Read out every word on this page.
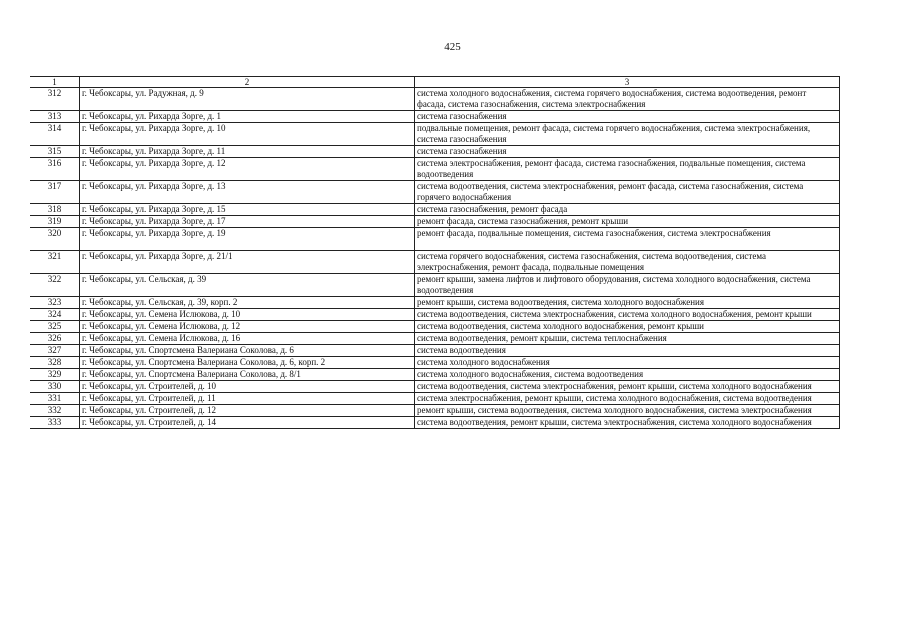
425
1	2	3
312	г. Чебоксары, ул. Радужная, д. 9	система холодного водоснабжения, система горячего водоснабжения, система водоотведения, ремонт фасада, система газоснабжения, система электроснабжения
313	г. Чебоксары, ул. Рихарда Зорге, д. 1	система газоснабжения
314	г. Чебоксары, ул. Рихарда Зорге, д. 10	подвальные помещения, ремонт фасада, система горячего водоснабжения, система электроснабжения, система газоснабжения
315	г. Чебоксары, ул. Рихарда Зорге, д. 11	система газоснабжения
316	г. Чебоксары, ул. Рихарда Зорге, д. 12	система электроснабжения, ремонт фасада, система газоснабжения, подвальные помещения, система водоотведения
317	г. Чебоксары, ул. Рихарда Зорге, д. 13	система водоотведения, система электроснабжения, ремонт фасада, система газоснабжения, система горячего водоснабжения
318	г. Чебоксары, ул. Рихарда Зорге, д. 15	система газоснабжения, ремонт фасада
319	г. Чебоксары, ул. Рихарда Зорге, д. 17	ремонт фасада, система газоснабжения, ремонт крыши
320	г. Чебоксары, ул. Рихарда Зорге, д. 19	ремонт фасада, подвальные помещения, система газоснабжения, система электроснабжения
321	г. Чебоксары, ул. Рихарда Зорге, д. 21/1	система горячего водоснабжения, система газоснабжения, система водоотведения, система электроснабжения, ремонт фасада, подвальные помещения
322	г. Чебоксары, ул. Сельская, д. 39	ремонт крыши, замена лифтов и лифтового оборудования, система холодного водоснабжения, система водоотведения
323	г. Чебоксары, ул. Сельская, д. 39, корп. 2	ремонт крыши, система водоотведения, система холодного водоснабжения
324	г. Чебоксары, ул. Семена Ислюкова, д. 10	система водоотведения, система электроснабжения, система холодного водоснабжения, ремонт крыши
325	г. Чебоксары, ул. Семена Ислюкова, д. 12	система водоотведения, система холодного водоснабжения, ремонт крыши
326	г. Чебоксары, ул. Семена Ислюкова, д. 16	система водоотведения, ремонт крыши, система теплоснабжения
327	г. Чебоксары, ул. Спортсмена Валериана Соколова, д. 6	система водоотведения
328	г. Чебоксары, ул. Спортсмена Валериана Соколова, д. 6, корп. 2	система холодного водоснабжения
329	г. Чебоксары, ул. Спортсмена Валериана Соколова, д. 8/1	система холодного водоснабжения, система водоотведения
330	г. Чебоксары, ул. Строителей, д. 10	система водоотведения, система электроснабжения, ремонт крыши, система холодного водоснабжения
331	г. Чебоксары, ул. Строителей, д. 11	система электроснабжения, ремонт крыши, система холодного водоснабжения, система водоотведения
332	г. Чебоксары, ул. Строителей, д. 12	ремонт крыши, система водоотведения, система холодного водоснабжения, система электроснабжения
333	г. Чебоксары, ул. Строителей, д. 14	система водоотведения, ремонт крыши, система электроснабжения, система холодного водоснабжения
